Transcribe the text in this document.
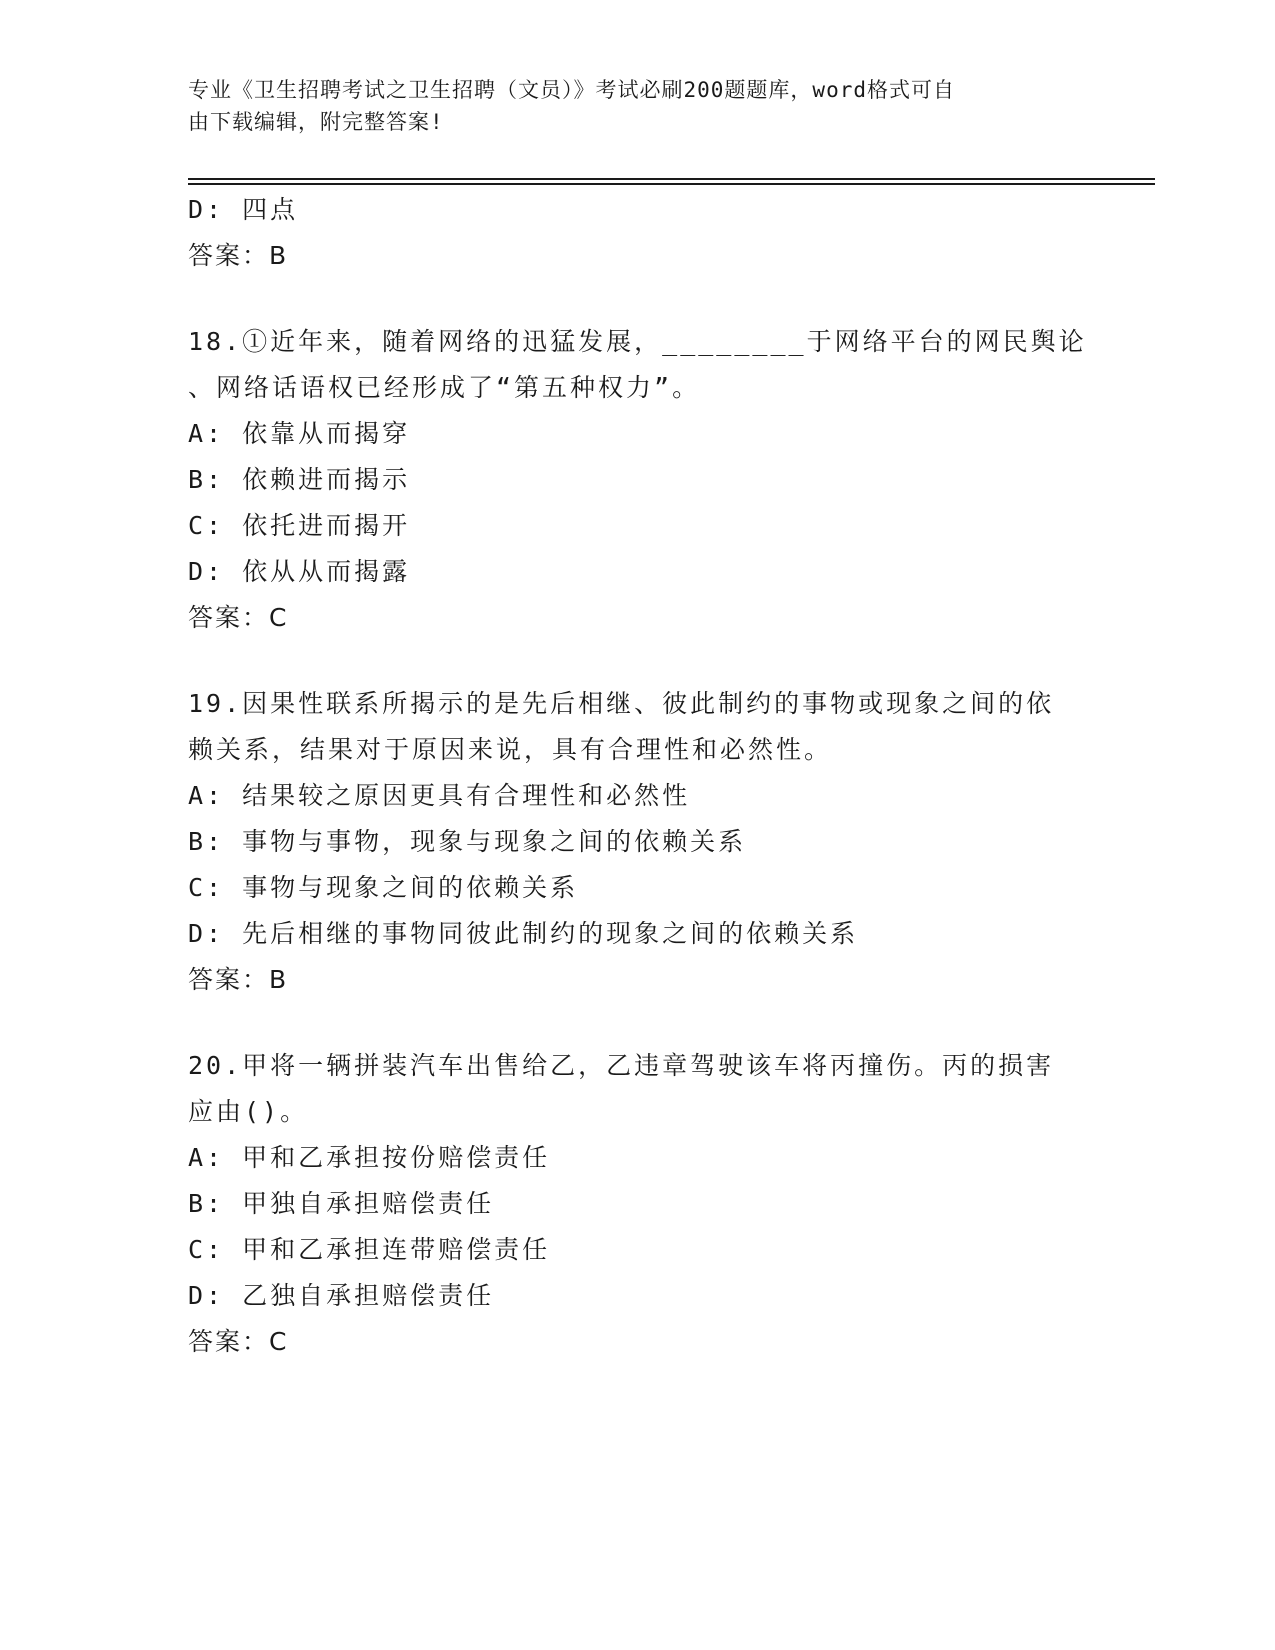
专业《卫生招聘考试之卫生招聘（文员）》考试必刷200题题库，word格式可自
由下载编辑，附完整答案!
D: 四点
答案：B
18.①近年来，随着网络的迅猛发展，________于网络平台的网民舆论
、网络话语权已经形成了“第五种权力”。
A: 依靠从而揭穿
B: 依赖进而揭示
C: 依托进而揭开
D: 依从从而揭露
答案：C
19.因果性联系所揭示的是先后相继、彼此制约的事物或现象之间的依
赖关系，结果对于原因来说，具有合理性和必然性。
A: 结果较之原因更具有合理性和必然性
B: 事物与事物，现象与现象之间的依赖关系
C: 事物与现象之间的依赖关系
D: 先后相继的事物同彼此制约的现象之间的依赖关系
答案：B
20.甲将一辆拼装汽车出售给乙，乙违章驾驶该车将丙撞伤。丙的损害
应由()。
A: 甲和乙承担按份赔偿责任
B: 甲独自承担赔偿责任
C: 甲和乙承担连带赔偿责任
D: 乙独自承担赔偿责任
答案：C
